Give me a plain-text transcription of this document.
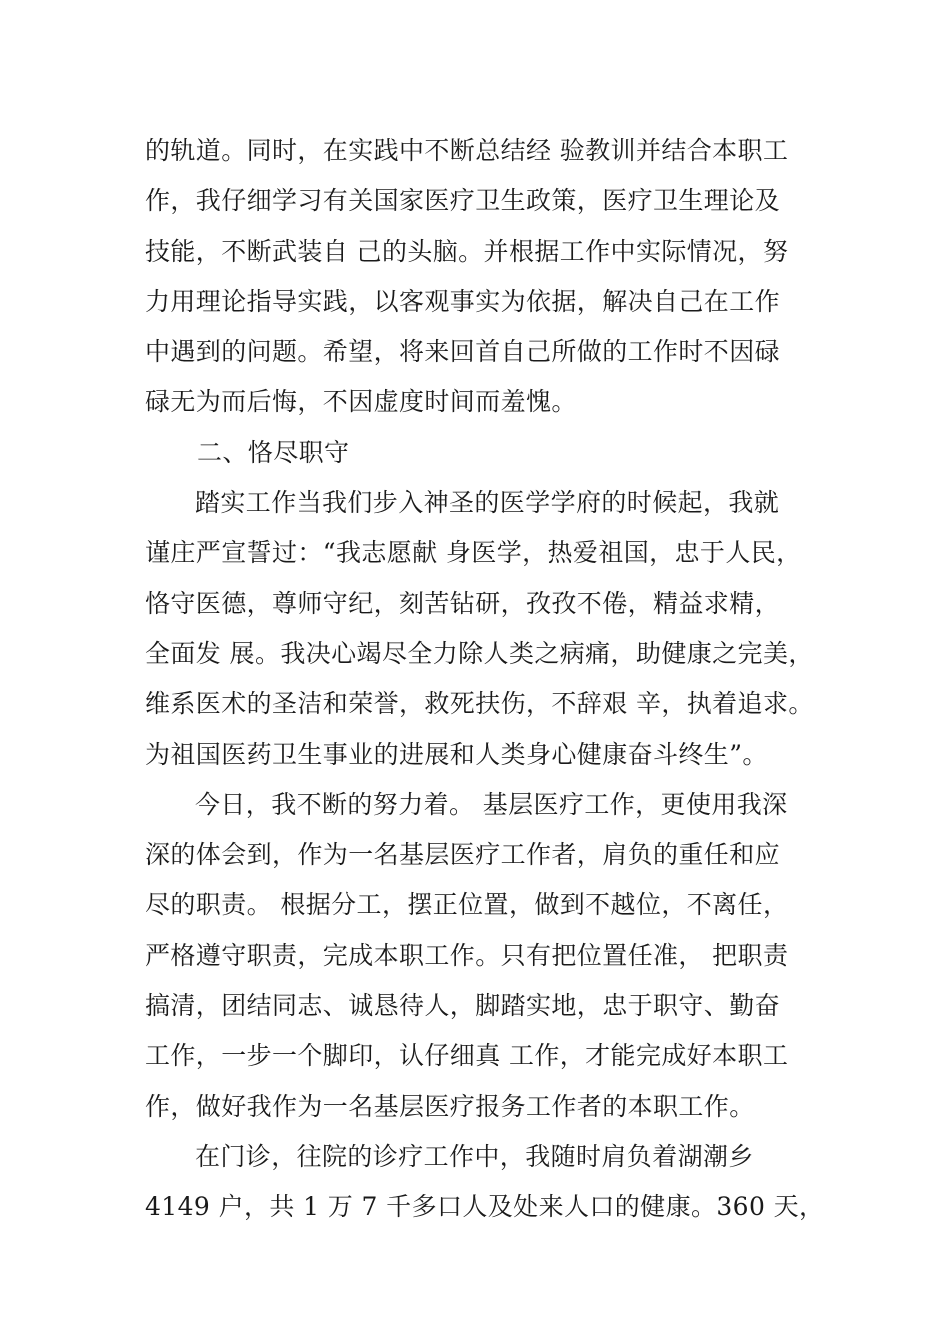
的轨道。同时，在实践中不断总结经 验教训并结合本职工
作，我仔细学习有关国家医疗卫生政策，医疗卫生理论及
技能，不断武装自 己的头脑。并根据工作中实际情况，努
力用理论指导实践，以客观事实为依据，解决自己在工作
中遇到的问题。希望，将来回首自己所做的工作时不因碌
碌无为而后悔，不因虚度时间而羞愧。
二、恪尽职守
踏实工作当我们步入神圣的医学学府的时候起，我就
谨庄严宣誓过：“我志愿献 身医学，热爱祖国，忠于人民，
恪守医德，尊师守纪，刻苦钻研，孜孜不倦，精益求精，
全面发 展。我决心竭尽全力除人类之病痛，助健康之完美，
维系医术的圣洁和荣誉，救死扶伤，不辞艰 辛，执着追求。
为祖国医药卫生事业的进展和人类身心健康奋斗终生”。
今日，我不断的努力着。 基层医疗工作，更使用我深
深的体会到，作为一名基层医疗工作者，肩负的重任和应
尽的职责。 根据分工，摆正位置，做到不越位，不离任，
严格遵守职责，完成本职工作。只有把位置任准， 把职责
搞清，团结同志、诚恳待人，脚踏实地，忠于职守、勤奋
工作，一步一个脚印，认仔细真 工作，才能完成好本职工
作，做好我作为一名基层医疗报务工作者的本职工作。
在门诊，往院的诊疗工作中，我随时肩负着湖潮乡
4149 户，共 1 万 7 千多口人及处来人口的健康。360 天，
